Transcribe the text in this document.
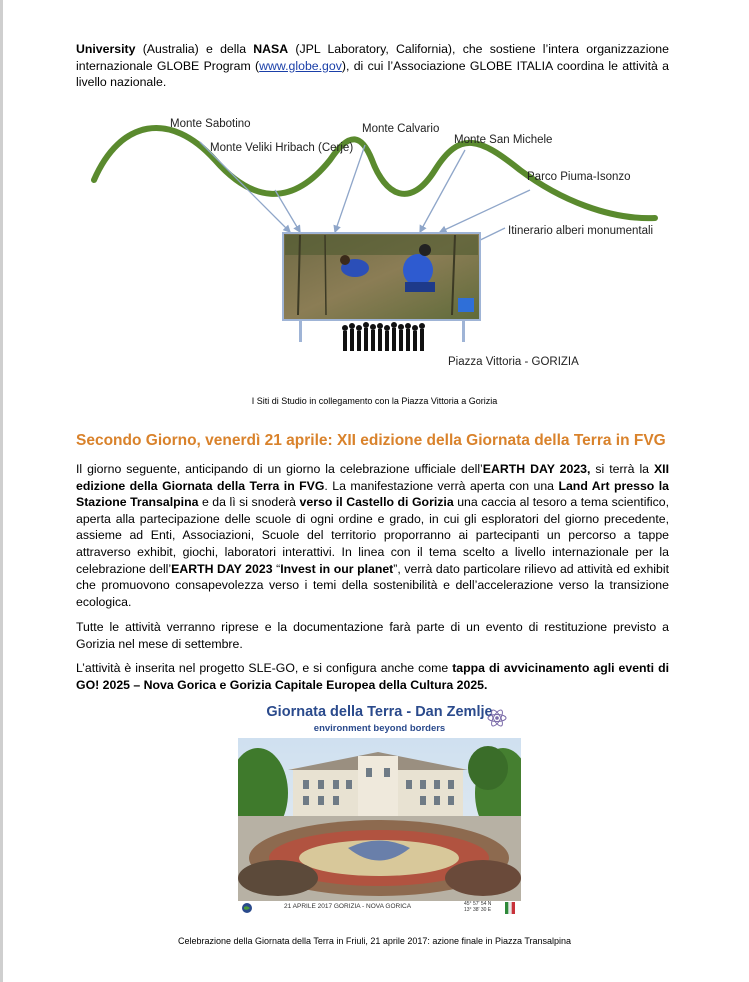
University (Australia) e della NASA (JPL Laboratory, California), che sostiene l’intera organizzazione internazionale GLOBE Program (www.globe.gov), di cui l’Associazione GLOBE ITALIA coordina le attività a livello nazionale.

Monte Sabotino
Monte Veliki Hribach (Cerje)
Monte Calvario
Monte San Michele
Parco Piuma-Isonzo
Itinerario alberi monumentali
Piazza Vittoria - GORIZIA

I Siti di Studio in collegamento con la Piazza Vittoria a Gorizia

Secondo Giorno, venerdì 21 aprile: XII edizione della Giornata della Terra in FVG

Il giorno seguente, anticipando di un giorno la celebrazione ufficiale dell’EARTH DAY 2023, si terrà la XII edizione della Giornata della Terra in FVG. La manifestazione verrà aperta con una Land Art presso la Stazione Transalpina e da lì si snoderà verso il Castello di Gorizia una caccia al tesoro a tema scientifico, aperta alla partecipazione delle scuole di ogni ordine e grado, in cui gli esploratori del giorno precedente, assieme ad Enti, Associazioni, Scuole del territorio proporranno ai partecipanti un percorso a tappe attraverso exhibit, giochi, laboratori interattivi. In linea con il tema scelto a livello internazionale per la celebrazione dell’EARTH DAY 2023 “Invest in our planet”, verrà dato particolare rilievo ad attività ed exhibit che promuovono consapevolezza verso i temi della sostenibilità e dell’accelerazione verso la transizione ecologica.

Tutte le attività verranno riprese e la documentazione farà parte di un evento di restituzione previsto a Gorizia nel mese di settembre.

L’attività è inserita nel progetto SLE-GO, e si configura anche come tappa di avvicinamento agli eventi di GO! 2025 – Nova Gorica e Gorizia Capitale Europea della Cultura 2025.

Giornata della Terra - Dan Zemlje
environment beyond borders
21 APRILE 2017 GORIZIA - NOVA GORICA	45° 57' 54 N
13° 38' 30 E

Celebrazione della Giornata della Terra in Friuli, 21 aprile 2017: azione finale in Piazza Transalpina
